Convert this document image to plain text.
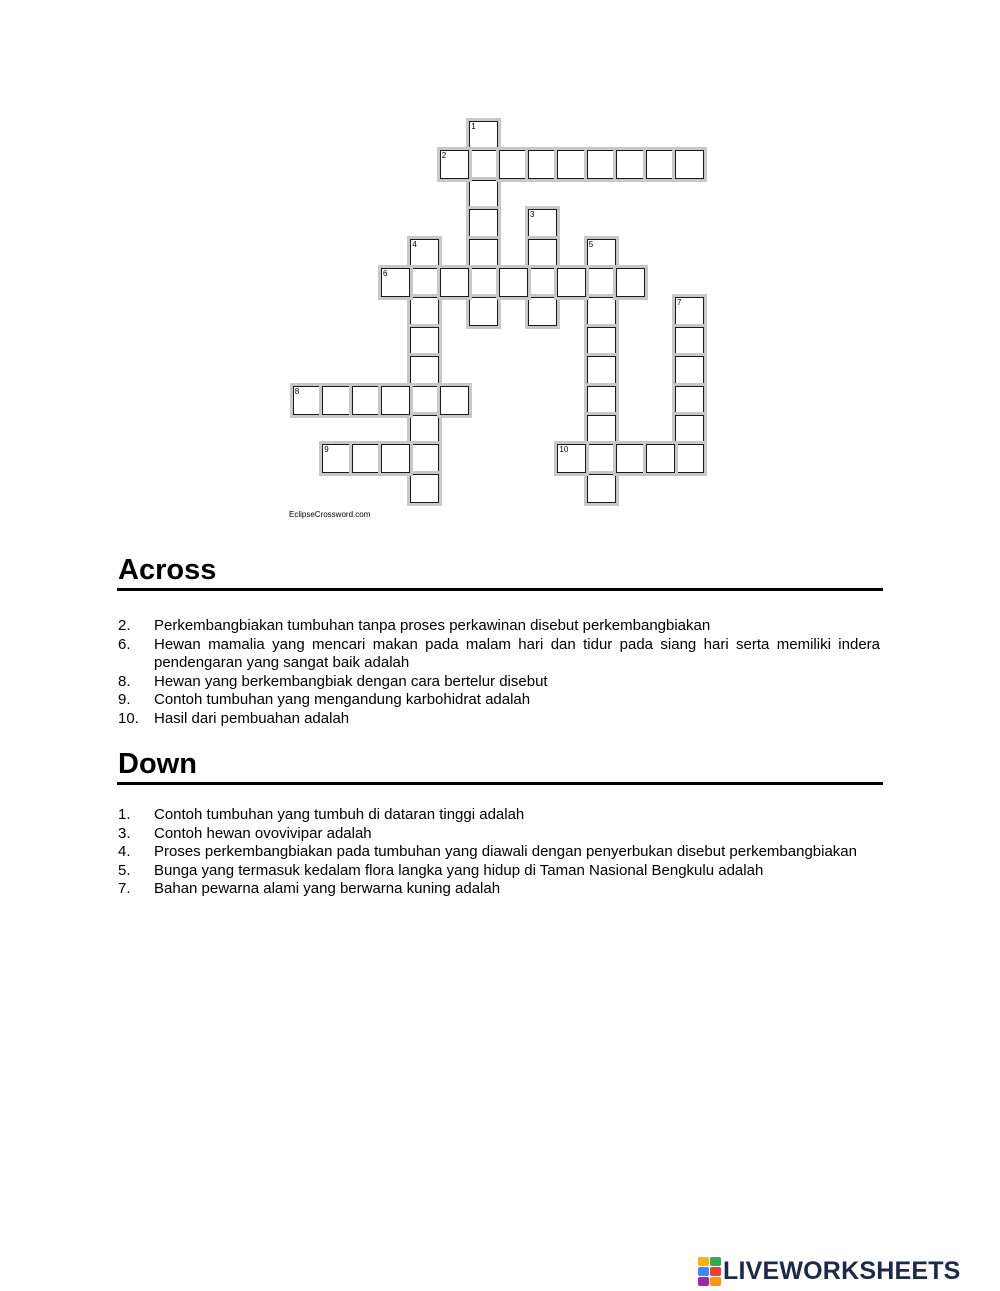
1
2
3
4	5
6
7
8
9	10
EclipseCrossword.com
Across
2. Perkembangbiakan tumbuhan tanpa proses perkawinan disebut perkembangbiakan
6. Hewan mamalia yang mencari makan pada malam hari dan tidur pada siang hari serta memiliki indera pendengaran yang sangat baik adalah
8. Hewan yang berkembangbiak dengan cara bertelur disebut
9. Contoh tumbuhan yang mengandung karbohidrat adalah
10. Hasil dari pembuahan adalah
Down
1. Contoh tumbuhan yang tumbuh di dataran tinggi adalah
3. Contoh hewan ovovivipar adalah
4. Proses perkembangbiakan pada tumbuhan yang diawali dengan penyerbukan disebut perkembangbiakan
5. Bunga yang termasuk kedalam flora langka yang hidup di Taman Nasional Bengkulu adalah
7. Bahan pewarna alami yang berwarna kuning adalah
LIVEWORKSHEETS
